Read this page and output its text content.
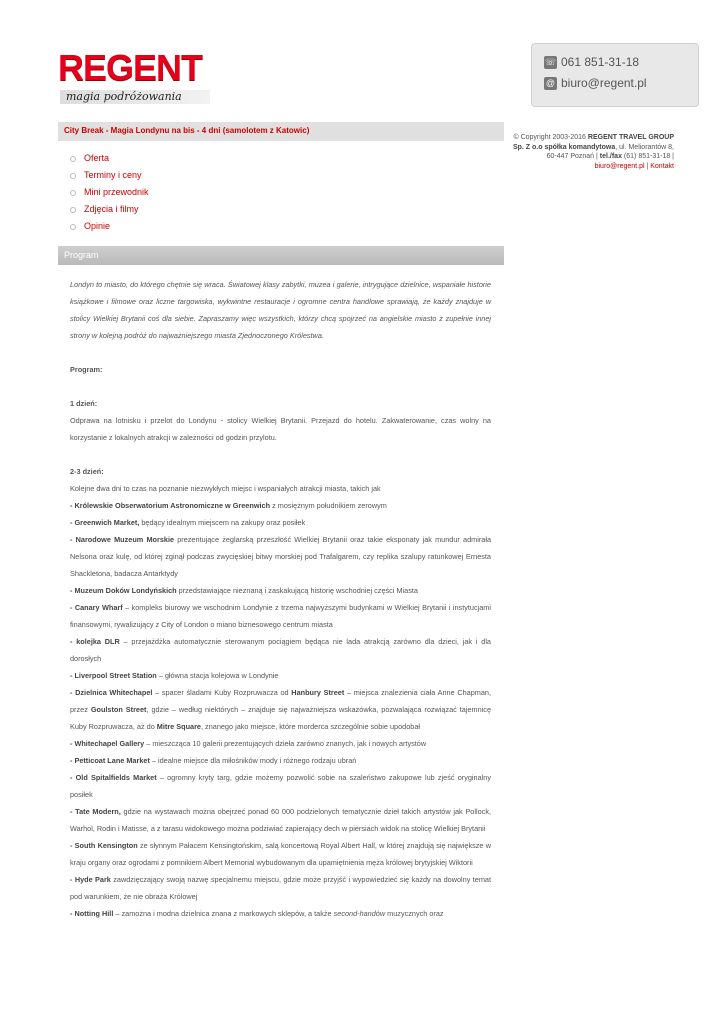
REGENT
magia podróżowania
☏ 061 851-31-18
@ biuro@regent.pl
© Copyright 2003-2016 REGENT TRAVEL GROUP
Sp. Z o.o spółka komandytowa, ul. Meliorantów 8, 60-447 Poznań | tel./fax (61) 851-31-18 |
biuro@regent.pl | Kontakt
City Break - Magia Londynu na bis - 4 dni (samolotem z Katowic)
Oferta
Terminy i ceny
Mini przewodnik
Zdjęcia i filmy
Opinie
Program

Londyn to miasto, do którego chętnie się wraca. Światowej klasy zabytki, muzea i galerie, intrygujące dzielnice, wspaniałe historie książkowe i filmowe oraz liczne targowiska, wykwintne restauracje i ogromne centra handlowe sprawiają, że każdy znajduje w stolicy Wielkiej Brytanii coś dla siebie. Zapraszamy więc wszystkich, którzy chcą spojrzeć na angielskie miasto z zupełnie innej strony w kolejną podróż do najważniejszego miasta Zjednoczonego Królestwa.

Program:

1 dzień:

Odprawa na lotnisku i przelot do Londynu - stolicy Wielkiej Brytanii. Przejazd do hotelu. Zakwaterowanie, czas wolny na korzystanie z lokalnych atrakcji w zależności od godzin przylotu.

2-3 dzień:

Kolejne dwa dni to czas na poznanie niezwykłych miejsc i wspaniałych atrakcji miasta, takich jak

- Królewskie Obserwatorium Astronomiczne w Greenwich z mosiężnym południkiem zerowym

- Greenwich Market, będący idealnym miejscem na zakupy oraz posiłek

- Narodowe Muzeum Morskie prezentujące żeglarską przeszłość Wielkiej Brytanii oraz takie eksponaty jak mundur admirała Nelsona oraz kulę, od której zginął podczas zwycięskiej bitwy morskiej pod Trafalgarem, czy replika szalupy ratunkowej Ernesta Shackletona, badacza Antarktydy

- Muzeum Doków Londyńskich przedstawiające nieznaną i zaskakującą historię wschodniej części Miasta

- Canary Wharf – kompleks biurowy we wschodnim Londynie z trzema najwyższymi budynkami w Wielkiej Brytanii i instytucjami finansowymi, rywalizujący z City of London o miano biznesowego centrum miasta

- kolejka DLR – przejażdżka automatycznie sterowanym pociągiem będąca nie lada atrakcją zarówno dla dzieci, jak i dla dorosłych

- Liverpool Street Station – główna stacja kolejowa w Londynie

- Dzielnica Whitechapel – spacer śladami Kuby Rozpruwacza od Hanbury Street – miejsca znalezienia ciała Anne Chapman, przez Goulston Street, gdzie – według niektórych – znajduje się najważniejsza wskazówka, pozwalająca rozwiązać tajemnicę Kuby Rozpruwacza, aż do Mitre Square, znanego jako miejsce, które morderca szczególnie sobie upodobał

- Whitechapel Gallery – mieszcząca 10 galerii prezentujących dzieła zarówno znanych, jak i nowych artystów

- Petticoat Lane Market – idealne miejsce dla miłośników mody i różnego rodzaju ubrań

- Old Spitalfields Market – ogromny kryty targ, gdzie możemy pozwolić sobie na szaleństwo zakupowe lub zjeść oryginalny posiłek

- Tate Modern, gdzie na wystawach można obejrzeć ponad 60 000 podzielonych tematycznie dzieł takich artystów jak Pollock, Warhol, Rodin i Matisse, a z tarasu widokowego można podziwiać zapierający dech w piersiach widok na stolicę Wielkiej Brytanii

- South Kensington ze słynnym Pałacem Kensingtońskim, salą koncertową Royal Albert Hall, w której znajdują się największe w kraju organy oraz ogrodami z pomnikiem Albert Memorial wybudowanym dla upamiętnienia męża królowej brytyjskiej Wiktorii

- Hyde Park zawdzięczający swoją nazwę specjalnemu miejscu, gdzie może przyjść i wypowiedzieć się każdy na dowolny temat pod warunkiem, że nie obraża Królowej

- Notting Hill – zamożna i modna dzielnica znana z markowych sklepów, a także second-handów muzycznych oraz
